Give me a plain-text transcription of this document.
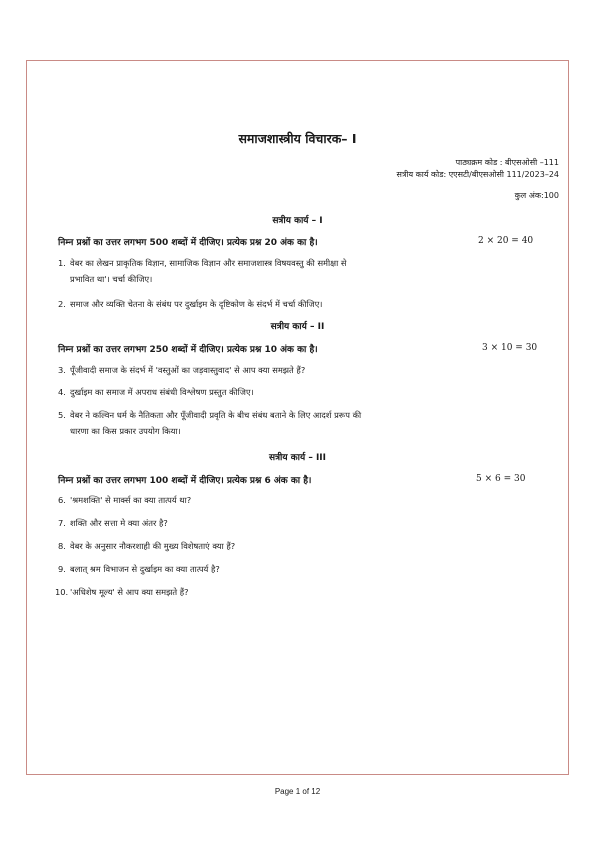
समाजशास्त्रीय विचारक– I
पाठ्यक्रम कोड : बीएसओसी –111
सत्रीय कार्य कोड: एएसटी/बीएसओसी 111/2023–24
कुल अंक:100
सत्रीय कार्य – I
निम्न प्रश्नों का उत्तर लगभग 500 शब्दों में दीजिए। प्रत्येक प्रश्न 20 अंक का है।	2 × 20 = 40
1. वेबर का लेखन प्राकृतिक विज्ञान, सामाजिक विज्ञान और समाजशास्त्र विषयवस्तु की समीक्षा से
प्रभावित था'। चर्चा कीजिए।
2. समाज और व्यक्ति चेतना के संबंध पर दुर्खाइम के दृष्टिकोण के संदर्भ में चर्चा कीजिए।
सत्रीय कार्य – II
निम्न प्रश्नों का उत्तर लगभग 250 शब्दों में दीजिए। प्रत्येक प्रश्न 10 अंक का है।	3 × 10 = 30
3. पूँजीवादी समाज के संदर्भ में 'वस्तुओं का जड़वास्तुवाद' से आप क्या समझते हैं?
4. दुर्खाइम का समाज में अपराध संबंधी विश्लेषण प्रस्तुत कीजिए।
5. वेबर ने कल्विन धर्म के नैतिकता और पूँजीवादी प्रवृति के बीच संबंध बताने के लिए आदर्श प्ररूप की
धारणा का किस प्रकार उपयोग किया।
सत्रीय कार्य – III
निम्न प्रश्नों का उत्तर लगभग 100 शब्दों में दीजिए। प्रत्येक प्रश्न 6 अंक का है।	5 × 6 = 30
6. 'श्रमशक्ति' से मार्क्स का क्या तात्पर्य था?
7. शक्ति और सत्ता मे क्या अंतर है?
8. वेबर के अनुसार नौकरशाही की मुख्य विशेषताएं क्या हैं?
9. बलात् श्रम विभाजन से दुर्खाइम का क्या तात्पर्य है?
10. 'अधिशेष मूल्य' से आप क्या समझते हैं?
Page 1 of 12
